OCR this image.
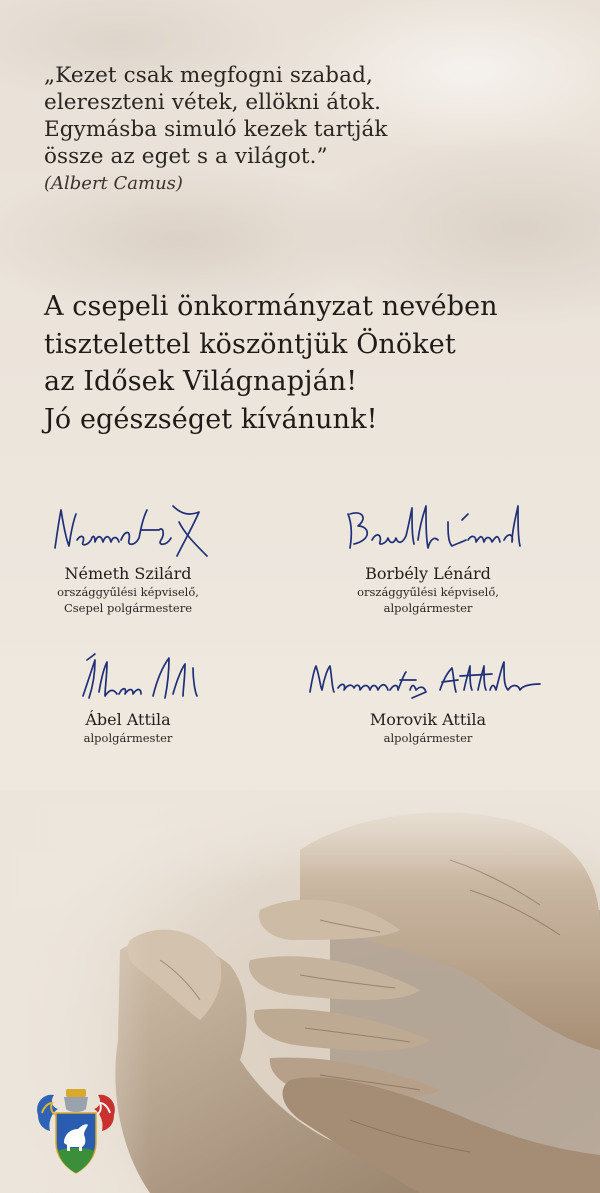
„Kezet csak megfogni szabad,
elereszteni vétek, ellökni átok.
Egymásba simuló kezek tartják
össze az eget s a világot.”
(Albert Camus)
A csepeli önkormányzat nevében
tisztelettel köszöntjük Önöket
az Idősek Világnapján!
Jó egészséget kívánunk!
Németh Szilárd
országgyűlési képviselő,
Csepel polgármestere
Borbély Lénárd
országgyűlési képviselő,
alpolgármester
Ábel Attila
alpolgármester
Morovik Attila
alpolgármester
